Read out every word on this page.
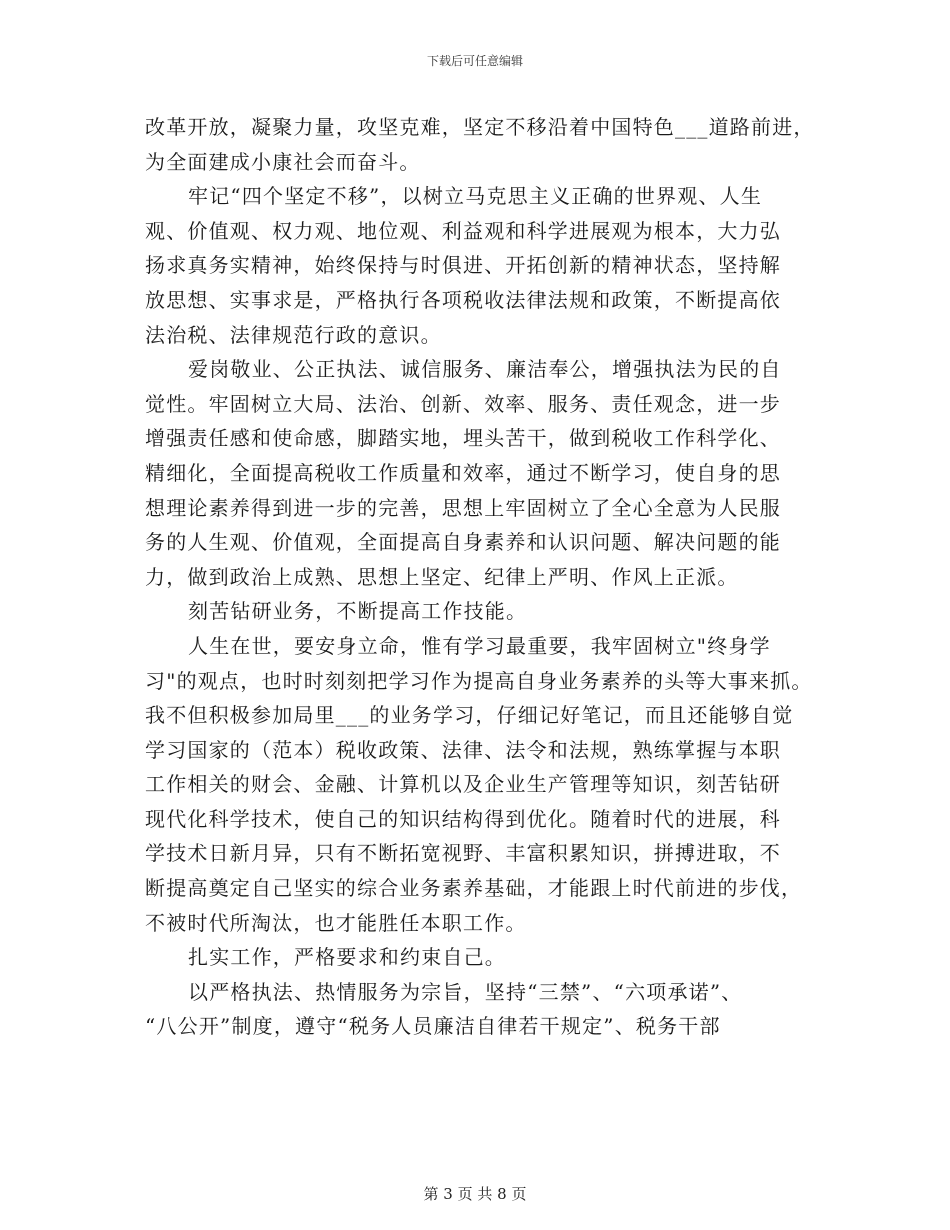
下载后可任意编辑
改革开放，凝聚力量，攻坚克难，坚定不移沿着中国特色___道路前进，
为全面建成小康社会而奋斗。
牢记“四个坚定不移”，以树立马克思主义正确的世界观、人生
观、价值观、权力观、地位观、利益观和科学进展观为根本，大力弘
扬求真务实精神，始终保持与时俱进、开拓创新的精神状态，坚持解
放思想、实事求是，严格执行各项税收法律法规和政策，不断提高依
法治税、法律规范行政的意识。
爱岗敬业、公正执法、诚信服务、廉洁奉公，增强执法为民的自
觉性。牢固树立大局、法治、创新、效率、服务、责任观念，进一步
增强责任感和使命感，脚踏实地，埋头苦干，做到税收工作科学化、
精细化，全面提高税收工作质量和效率，通过不断学习，使自身的思
想理论素养得到进一步的完善，思想上牢固树立了全心全意为人民服
务的人生观、价值观，全面提高自身素养和认识问题、解决问题的能
力，做到政治上成熟、思想上坚定、纪律上严明、作风上正派。
刻苦钻研业务，不断提高工作技能。
人生在世，要安身立命，惟有学习最重要，我牢固树立"终身学
习"的观点，也时时刻刻把学习作为提高自身业务素养的头等大事来抓。
我不但积极参加局里___的业务学习，仔细记好笔记，而且还能够自觉
学习国家的（范本）税收政策、法律、法令和法规，熟练掌握与本职
工作相关的财会、金融、计算机以及企业生产管理等知识，刻苦钻研
现代化科学技术，使自己的知识结构得到优化。随着时代的进展，科
学技术日新月异，只有不断拓宽视野、丰富积累知识，拼搏进取，不
断提高奠定自己坚实的综合业务素养基础，才能跟上时代前进的步伐，
不被时代所淘汰，也才能胜任本职工作。
扎实工作，严格要求和约束自己。
以严格执法、热情服务为宗旨，坚持“三禁”、“六项承诺”、
“八公开”制度，遵守“税务人员廉洁自律若干规定”、税务干部
第 3 页 共 8 页
